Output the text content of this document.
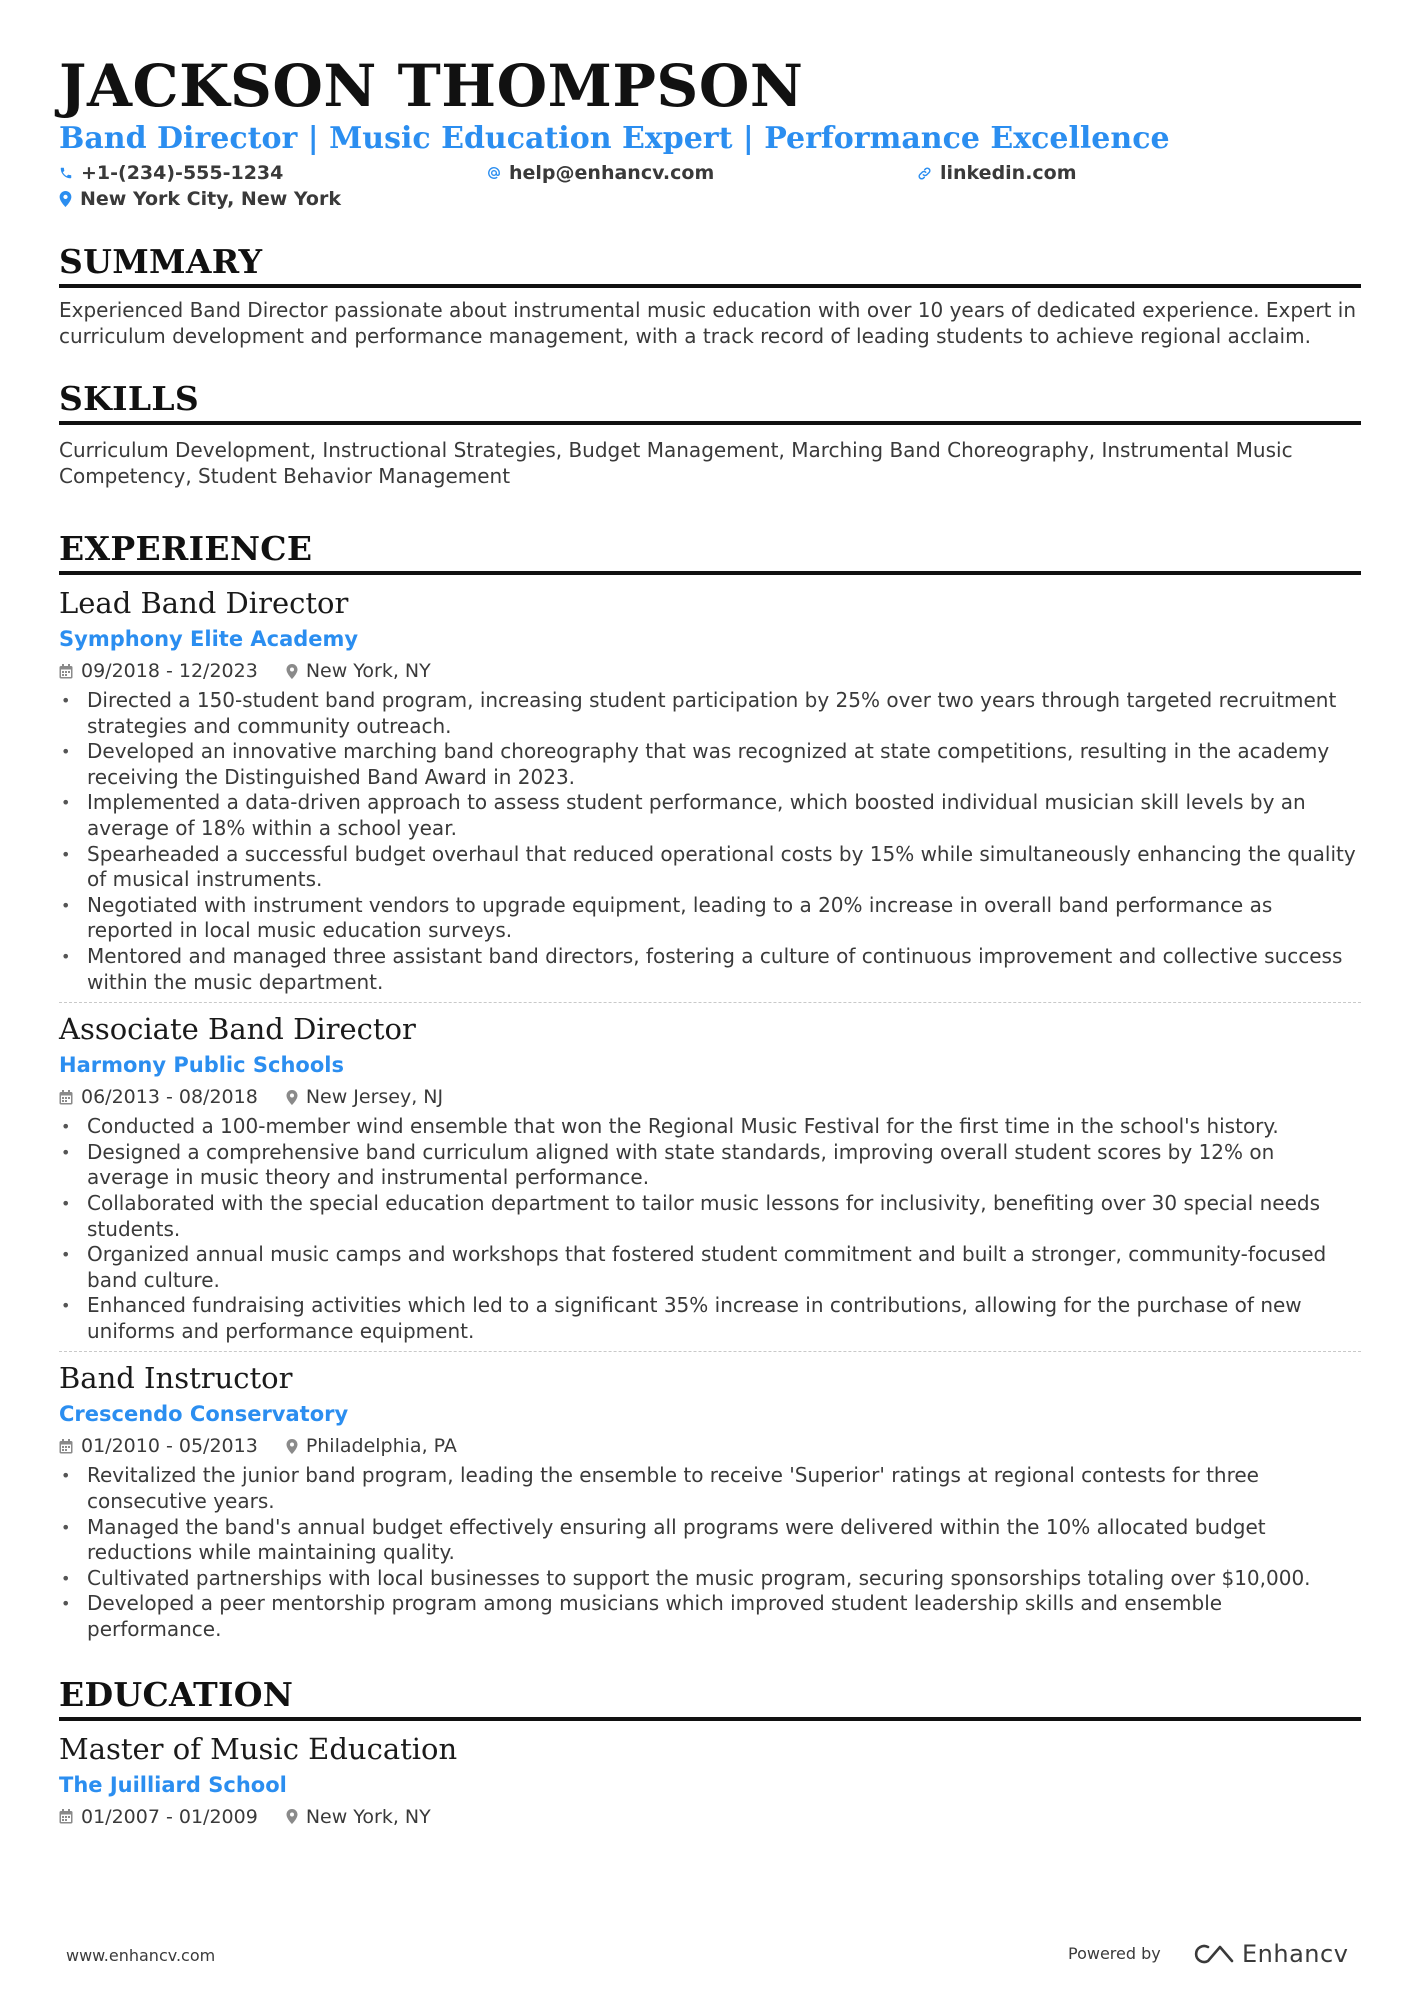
JACKSON THOMPSON
Band Director | Music Education Expert | Performance Excellence
+1-(234)-555-1234	help@enhancv.com	linkedin.com
New York City, New York
SUMMARY
Experienced Band Director passionate about instrumental music education with over 10 years of dedicated experience. Expert in curriculum development and performance management, with a track record of leading students to achieve regional acclaim.
SKILLS
Curriculum Development, Instructional Strategies, Budget Management, Marching Band Choreography, Instrumental Music Competency, Student Behavior Management
EXPERIENCE
Lead Band Director
Symphony Elite Academy
09/2018 - 12/2023	New York, NY
• Directed a 150-student band program, increasing student participation by 25% over two years through targeted recruitment strategies and community outreach.
• Developed an innovative marching band choreography that was recognized at state competitions, resulting in the academy receiving the Distinguished Band Award in 2023.
• Implemented a data-driven approach to assess student performance, which boosted individual musician skill levels by an average of 18% within a school year.
• Spearheaded a successful budget overhaul that reduced operational costs by 15% while simultaneously enhancing the quality of musical instruments.
• Negotiated with instrument vendors to upgrade equipment, leading to a 20% increase in overall band performance as reported in local music education surveys.
• Mentored and managed three assistant band directors, fostering a culture of continuous improvement and collective success within the music department.
Associate Band Director
Harmony Public Schools
06/2013 - 08/2018	New Jersey, NJ
• Conducted a 100-member wind ensemble that won the Regional Music Festival for the first time in the school's history.
• Designed a comprehensive band curriculum aligned with state standards, improving overall student scores by 12% on average in music theory and instrumental performance.
• Collaborated with the special education department to tailor music lessons for inclusivity, benefiting over 30 special needs students.
• Organized annual music camps and workshops that fostered student commitment and built a stronger, community-focused band culture.
• Enhanced fundraising activities which led to a significant 35% increase in contributions, allowing for the purchase of new uniforms and performance equipment.
Band Instructor
Crescendo Conservatory
01/2010 - 05/2013	Philadelphia, PA
• Revitalized the junior band program, leading the ensemble to receive 'Superior' ratings at regional contests for three consecutive years.
• Managed the band's annual budget effectively ensuring all programs were delivered within the 10% allocated budget reductions while maintaining quality.
• Cultivated partnerships with local businesses to support the music program, securing sponsorships totaling over $10,000.
• Developed a peer mentorship program among musicians which improved student leadership skills and ensemble performance.
EDUCATION
Master of Music Education
The Juilliard School
01/2007 - 01/2009	New York, NY
www.enhancv.com	Powered by	Enhancv
